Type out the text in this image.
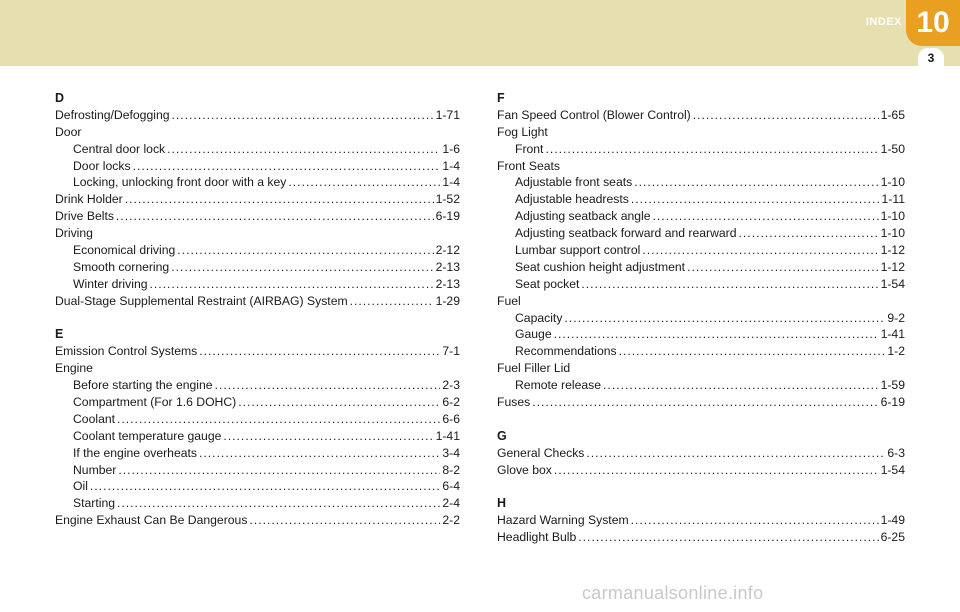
INDEX 10
3
D
Defrosting/Defogging .....	1-71
Door
Central door lock .....	1-6
Door locks .....	1-4
Locking, unlocking front door with a key .....	1-4
Drink Holder .....	1-52
Drive Belts .....	6-19
Driving
Economical driving .....	2-12
Smooth cornering .....	2-13
Winter driving .....	2-13
Dual-Stage Supplemental Restraint (AIRBAG) System .....	1-29
E
Emission Control Systems .....	7-1
Engine
Before starting the engine .....	2-3
Compartment (For 1.6 DOHC) .....	6-2
Coolant .....	6-6
Coolant temperature gauge .....	1-41
If the engine overheats .....	3-4
Number .....	8-2
Oil .....	6-4
Starting .....	2-4
Engine Exhaust Can Be Dangerous .....	2-2
F
Fan Speed Control (Blower Control) .....	1-65
Fog Light
Front .....	1-50
Front Seats
Adjustable front seats .....	1-10
Adjustable headrests .....	1-11
Adjusting seatback angle .....	1-10
Adjusting seatback forward and rearward .....	1-10
Lumbar support control .....	1-12
Seat cushion height adjustment .....	1-12
Seat pocket .....	1-54
Fuel
Capacity .....	9-2
Gauge .....	1-41
Recommendations .....	1-2
Fuel Filler Lid
Remote release .....	1-59
Fuses .....	6-19
G
General Checks .....	6-3
Glove box .....	1-54
H
Hazard Warning System .....	1-49
Headlight Bulb .....	6-25
carmanualsonline.info
